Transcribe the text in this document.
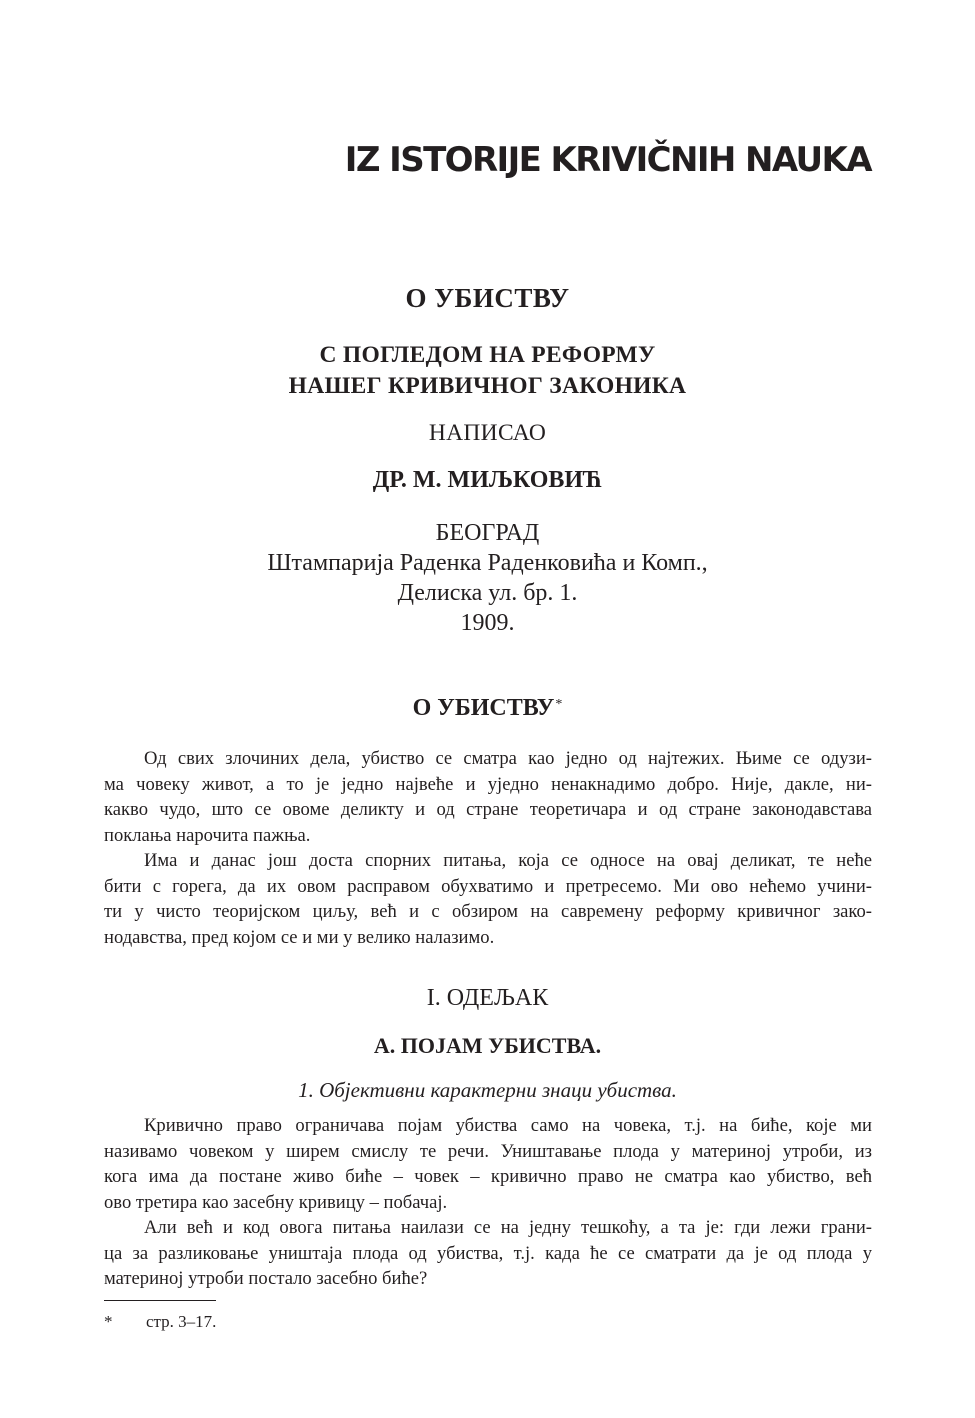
IZ ISTORIJE KRIVIČNIH NAUKA
О УБИСТВУ
С ПОГЛЕДОМ НА РЕФОРМУ
НАШЕГ КРИВИЧНОГ ЗАКОНИКА
НАПИСАО
ДР. М. МИЉКОВИЋ
БЕОГРАД
Штампарија Раденка Раденковића и Комп.,
Делиска ул. бр. 1.
1909.
О УБИСТВУ*
Од свих злочиних дела, убиство се сматра као једно од најтежих. Њиме се одузи-
ма човеку живот, а то је једно највеће и уједно ненакнадимо добро. Није, дакле, ни-
какво чудо, што се овоме деликту и од стране теоретичара и од стране законодавстава
поклања нарочита пажња.
Има и данас још доста спорних питања, која се односе на овај деликат, те неће
бити с горега, да их овом расправом обухватимо и претресемо. Ми ово нећемо учини-
ти у чисто теоријском циљу, већ и с обзиром на савремену реформу кривичног зако-
нодавства, пред којом се и ми у велико налазимо.
I. ОДЕЉАК
А. ПОЈАМ УБИСТВА.
1. Објективни карактерни знаци убиства.
Кривично право ограничава појам убиства само на човека, т.ј. на биће, које ми
називамо човеком у ширем смислу те речи. Уништавање плода у материној утроби, из
кога има да постане живо биће – човек – кривично право не сматра као убиство, већ
ово третира као засебну кривицу – побачај.
Али већ и код овога питања наилази се на једну тешкоћу, а та је: гди лежи грани-
ца за разликовање уништаја плода од убиства, т.ј. када ће се сматрати да је од плода у
материној утроби постало засебно биће?
* стр. 3–17.
